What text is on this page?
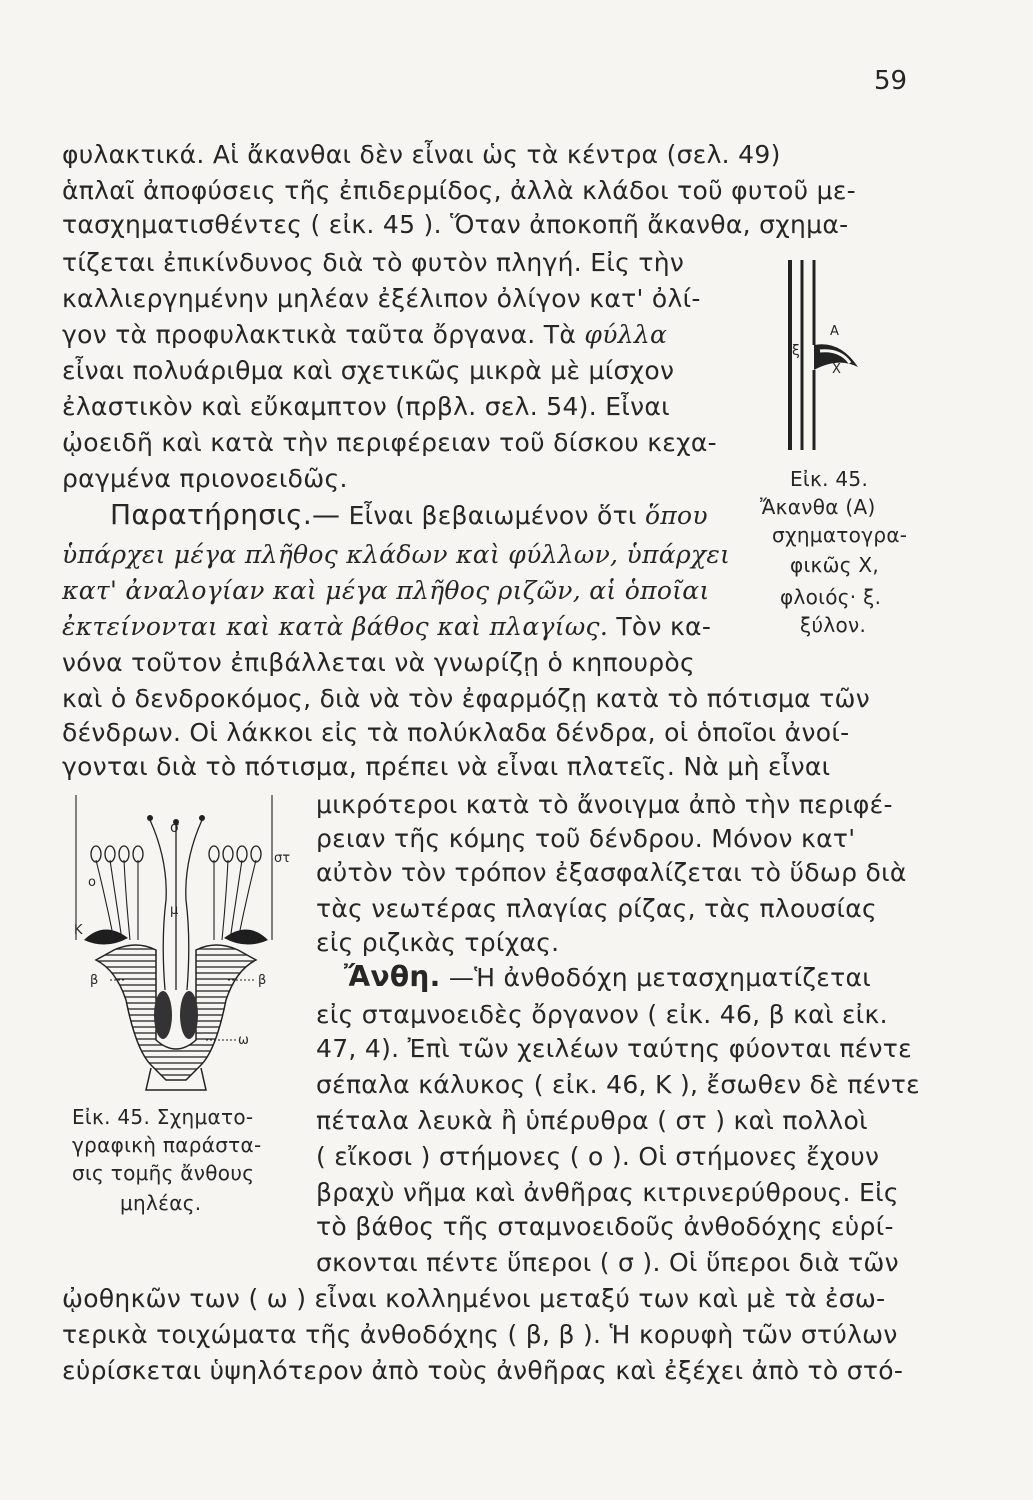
59
φυλακτικά. Αἱ ἄκανθαι δὲν εἶναι ὡς τὰ κέντρα (σελ. 49)
ἁπλαῖ ἀποφύσεις τῆς ἐπιδερμίδος, ἀλλὰ κλάδοι τοῦ φυτοῦ με-
τασχηματισθέντες ( εἰκ. 45 ). Ὅταν ἀποκοπῆ ἄκανθα, σχημα-
τίζεται ἐπικίνδυνος διὰ τὸ φυτὸν πληγή. Εἰς τὴν
καλλιεργημένην μηλέαν ἐξέλιπον ὀλίγον κατ' ὀλί-
γον τὰ προφυλακτικὰ ταῦτα ὄργανα. Τὰ φύλλα
εἶναι πολυάριθμα καὶ σχετικῶς μικρὰ μὲ μίσχον
ἐλαστικὸν καὶ εὔκαμπτον (πρβλ. σελ. 54). Εἶναι
ᾠοειδῆ καὶ κατὰ τὴν περιφέρειαν τοῦ δίσκου κεχα-
ραγμένα πριονοειδῶς.
Παρατήρησις.— Εἶναι βεβαιωμένον ὅτι ὅπου
ὑπάρχει μέγα πλῆθος κλάδων καὶ φύλλων, ὑπάρχει
κατ' ἀναλογίαν καὶ μέγα πλῆθος ριζῶν, αἱ ὁποῖαι
ἐκτείνονται καὶ κατὰ βάθος καὶ πλαγίως. Τὸν κα-
νόνα τοῦτον ἐπιβάλλεται νὰ γνωρίζῃ ὁ κηπουρὸς
καὶ ὁ δενδροκόμος, διὰ νὰ τὸν ἐφαρμόζῃ κατὰ τὸ πότισμα τῶν
δένδρων. Οἱ λάκκοι εἰς τὰ πολύκλαδα δένδρα, οἱ ὁποῖοι ἀνοί-
γονται διὰ τὸ πότισμα, πρέπει νὰ εἶναι πλατεῖς. Νὰ μὴ εἶναι
μικρότεροι κατὰ τὸ ἄνοιγμα ἀπὸ τὴν περιφέ-
ρειαν τῆς κόμης τοῦ δένδρου. Μόνον κατ'
αὐτὸν τὸν τρόπον ἐξασφαλίζεται τὸ ὕδωρ διὰ
τὰς νεωτέρας πλαγίας ρίζας, τὰς πλουσίας
εἰς ριζικὰς τρίχας.
Ἄνθη. —Ἡ ἀνθοδόχη μετασχηματίζεται
εἰς σταμνοειδὲς ὄργανον ( εἰκ. 46, β καὶ εἰκ.
47, 4). Ἐπὶ τῶν χειλέων ταύτης φύονται πέντε
σέπαλα κάλυκος ( εἰκ. 46, Κ ), ἔσωθεν δὲ πέντε
πέταλα λευκὰ ἢ ὑπέρυθρα ( στ ) καὶ πολλοὶ
( εἴκοσι ) στήμονες ( ο ). Οἱ στήμονες ἔχουν
βραχὺ νῆμα καὶ ἀνθῆρας κιτρινερύθρους. Εἰς
τὸ βάθος τῆς σταμνοειδοῦς ἀνθοδόχης εὑρί-
σκονται πέντε ὕπεροι ( σ ). Οἱ ὕπεροι διὰ τῶν
ᾠοθηκῶν των ( ω ) εἶναι κολλημένοι μεταξύ των καὶ μὲ τὰ ἐσω-
τερικὰ τοιχώματα τῆς ἀνθοδόχης ( β, β ). Ἡ κορυφὴ τῶν στύλων
εὑρίσκεται ὑψηλότερον ἀπὸ τοὺς ἀνθῆρας καὶ ἐξέχει ἀπὸ τὸ στό-
A
X
ξ
Εἰκ. 45.
Ἄκανθα (Α)
σχηματογρα-
φικῶς Χ,
φλοιός· ξ.
ξύλον.
σ
στ
ο
μ
Κ
β	β
ω
Εἰκ. 45. Σχηματο-
γραφικὴ παράστα-
σις τομῆς ἄνθους
μηλέας.
